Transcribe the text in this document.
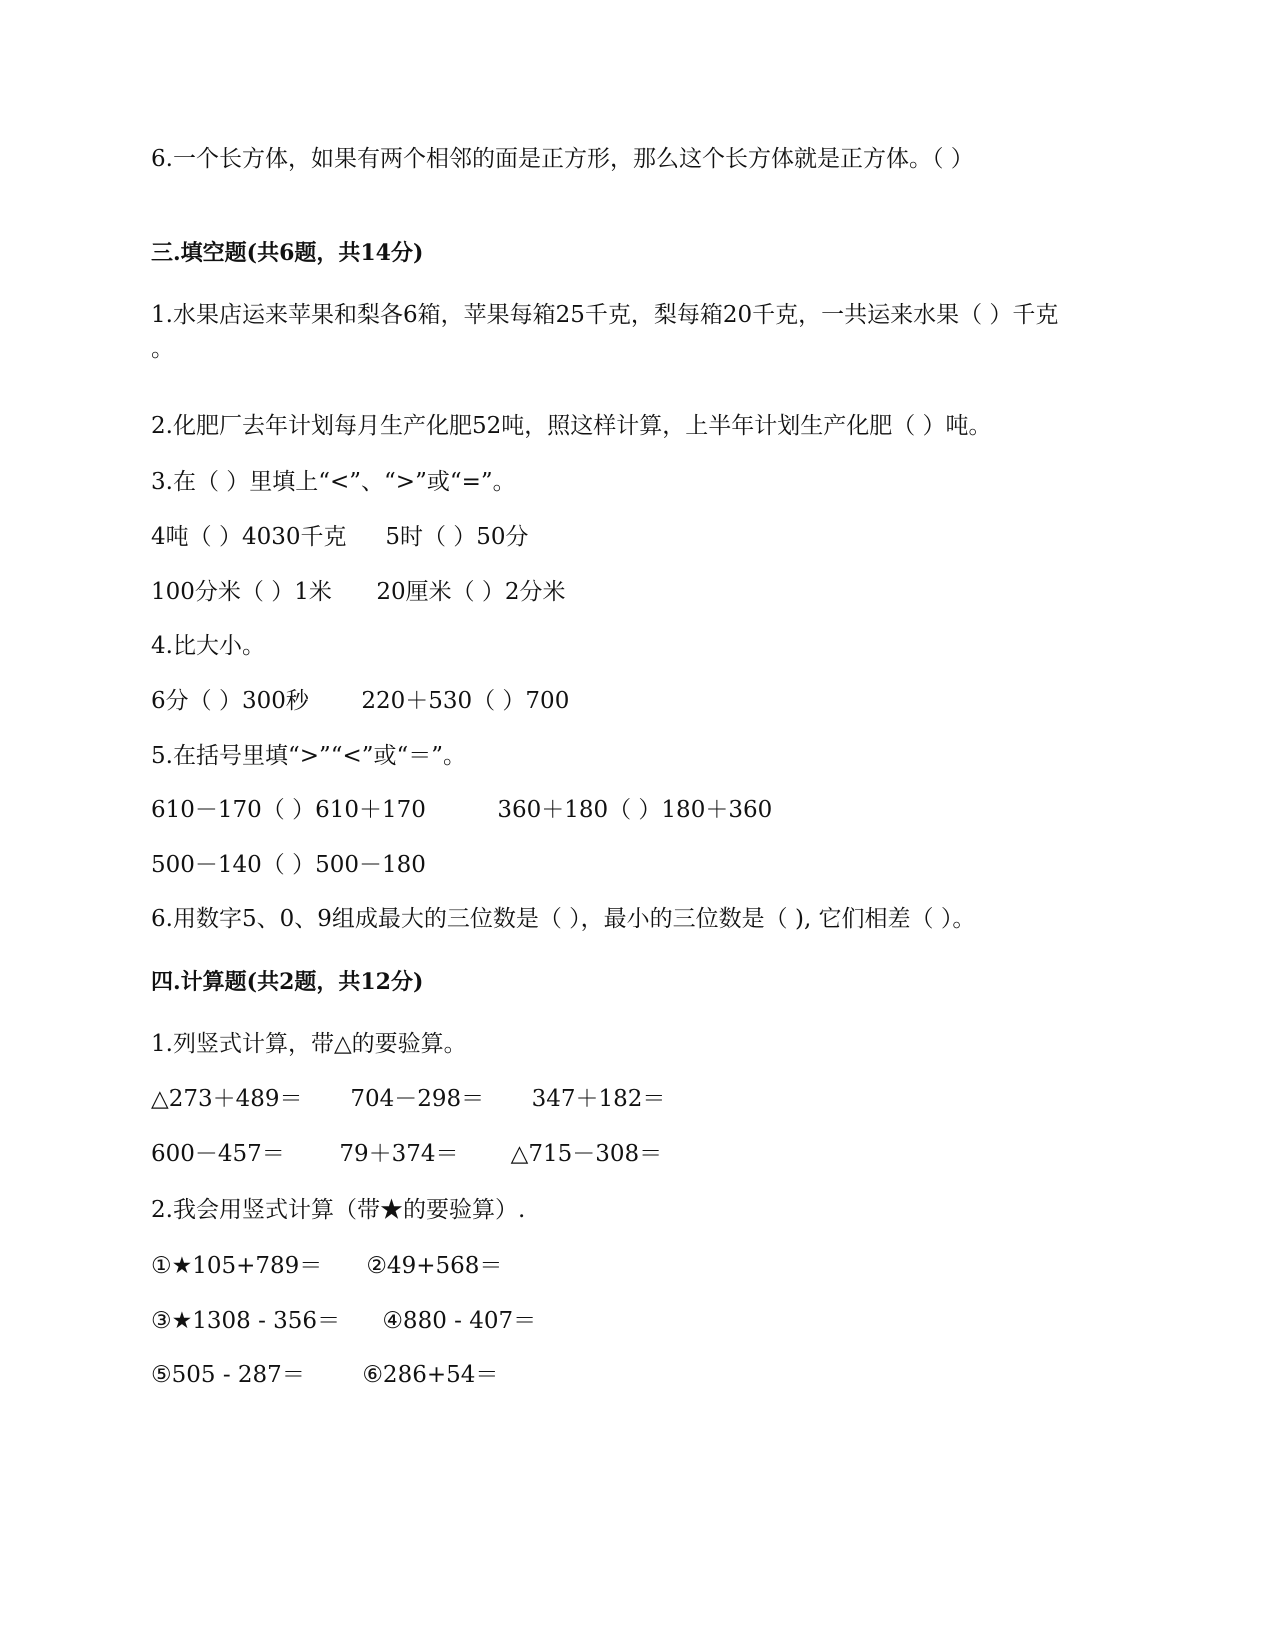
6.一个长方体，如果有两个相邻的面是正方形，那么这个长方体就是正方体。（ ）
三.填空题(共6题，共14分)
1.水果店运来苹果和梨各6箱，苹果每箱25千克，梨每箱20千克，一共运来水果（ ）千克
。
2.化肥厂去年计划每月生产化肥52吨，照这样计算，上半年计划生产化肥（ ）吨。
3.在（ ）里填上“<”、“>”或“=”。
4吨（ ）4030千克 5时（ ）50分
100分米（ ）1米 20厘米（ ）2分米
4.比大小。
6分（ ）300秒 220＋530（ ）700
5.在括号里填“>”“<”或“＝”。
610－170（ ）610＋170	360＋180（ ）180＋360
500－140（ ）500－180
6.用数字5、0、9组成最大的三位数是（ ），最小的三位数是（ ), 它们相差（ ）。
四.计算题(共2题，共12分)
1.列竖式计算，带△的要验算。
△273＋489＝ 704－298＝ 347＋182＝
600－457＝ 79＋374＝ △715－308＝
2.我会用竖式计算（带★的要验算）.
①★105+789＝ ②49+568＝
③★1308 - 356＝ ④880 - 407＝
⑤505 - 287＝	⑥286+54＝
